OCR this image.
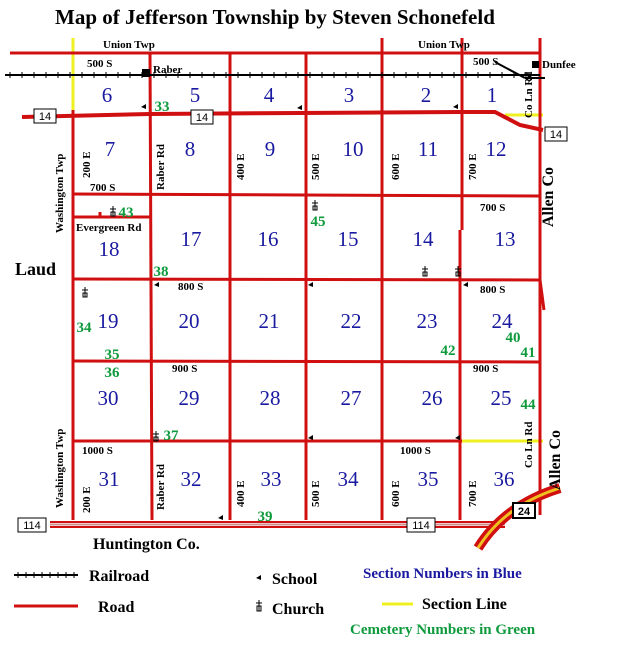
Map of Jefferson Township by Steven Schonefeld
Union Twp	Union Twp
500 S	500 S
Raber	Dunfee
700 S
700 S
Evergreen Rd
800 S	800 S
900 S	900 S
1000 S	1000 S
200 E
200 E
Raber Rd
Raber Rd
400 E
400 E
500 E
500 E
600 E
600 E
700 E
700 E
Co Ln Rd
Co Ln Rd
Washington Twp
Washington Twp
Allen Co
Allen Co
Huntington Co.
Laud
14	14
14
114	114
24
1
2
3
4
5
6
7	8	9	10	11 12
13
14
15
16
17
18
19	20	21	22	23	24
25
26
27
28
29
30
31	32	33	34	35	36
33
43
45
38
34
35
36
37
39
40
41
42
44
Railroad
Road
School
Church
Section Numbers in Blue
Section Line
Cemetery Numbers in Green
